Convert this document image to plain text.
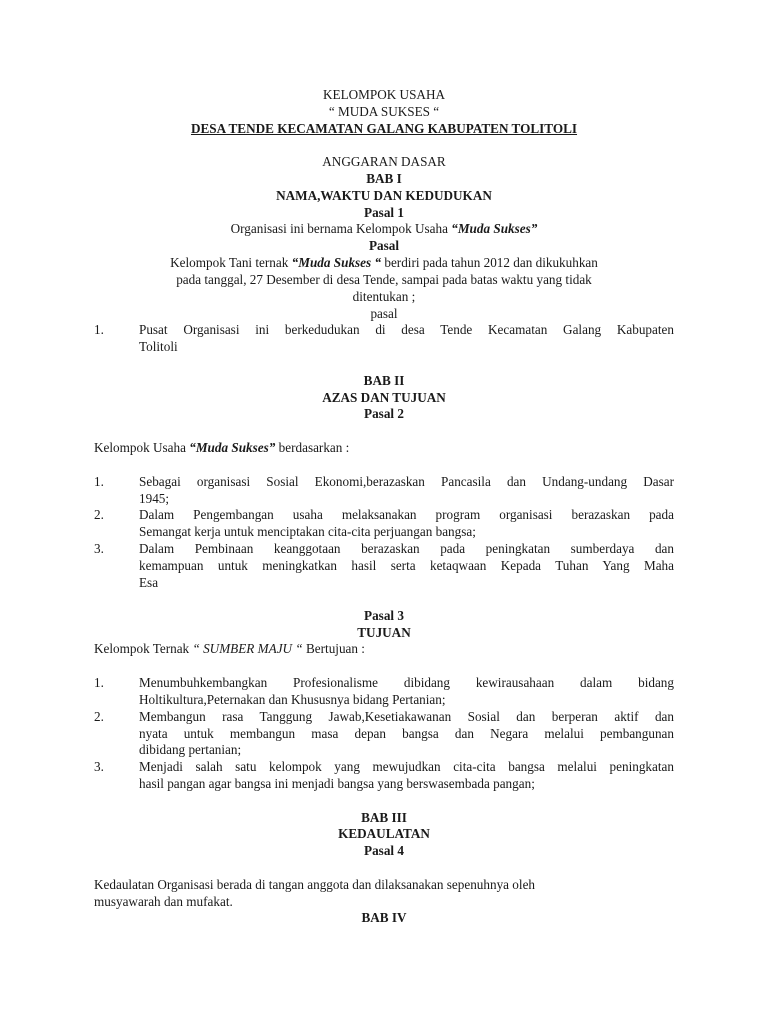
KELOMPOK USAHA
“ MUDA SUKSES “
DESA TENDE KECAMATAN GALANG KABUPATEN TOLITOLI
ANGGARAN DASAR
BAB I
NAMA,WAKTU DAN KEDUDUKAN
Pasal 1
Organisasi ini bernama Kelompok Usaha “Muda Sukses”
Pasal
Kelompok Tani ternak “Muda Sukses “ berdiri pada tahun 2012 dan dikukuhkan
pada tanggal, 27 Desember di desa Tende, sampai pada batas waktu yang tidak
ditentukan ;
pasal
1.	Pusat Organisasi ini berkedudukan di desa Tende Kecamatan Galang Kabupaten
Tolitoli
BAB II
AZAS DAN TUJUAN
Pasal 2
Kelompok Usaha “Muda Sukses” berdasarkan :
1.	Sebagai organisasi Sosial Ekonomi,berazaskan Pancasila dan Undang-undang Dasar
1945;
2.	Dalam Pengembangan usaha melaksanakan program organisasi berazaskan pada
Semangat kerja untuk menciptakan cita-cita perjuangan bangsa;
3.	Dalam Pembinaan keanggotaan berazaskan pada peningkatan sumberdaya dan
kemampuan untuk meningkatkan hasil serta ketaqwaan Kepada Tuhan Yang Maha
Esa
Pasal 3
TUJUAN
Kelompok Ternak “ SUMBER MAJU “ Bertujuan :
1.	Menumbuhkembangkan Profesionalisme dibidang kewirausahaan dalam bidang
Holtikultura,Peternakan dan Khususnya bidang Pertanian;
2.	Membangun rasa Tanggung Jawab,Kesetiakawanan Sosial dan berperan aktif dan
nyata untuk membangun masa depan bangsa dan Negara melalui pembangunan
dibidang pertanian;
3.	Menjadi salah satu kelompok yang mewujudkan cita-cita bangsa melalui peningkatan
hasil pangan agar bangsa ini menjadi bangsa yang berswasembada pangan;
BAB III
KEDAULATAN
Pasal 4
Kedaulatan Organisasi berada di tangan anggota dan dilaksanakan sepenuhnya oleh
musyawarah dan mufakat.
BAB IV
